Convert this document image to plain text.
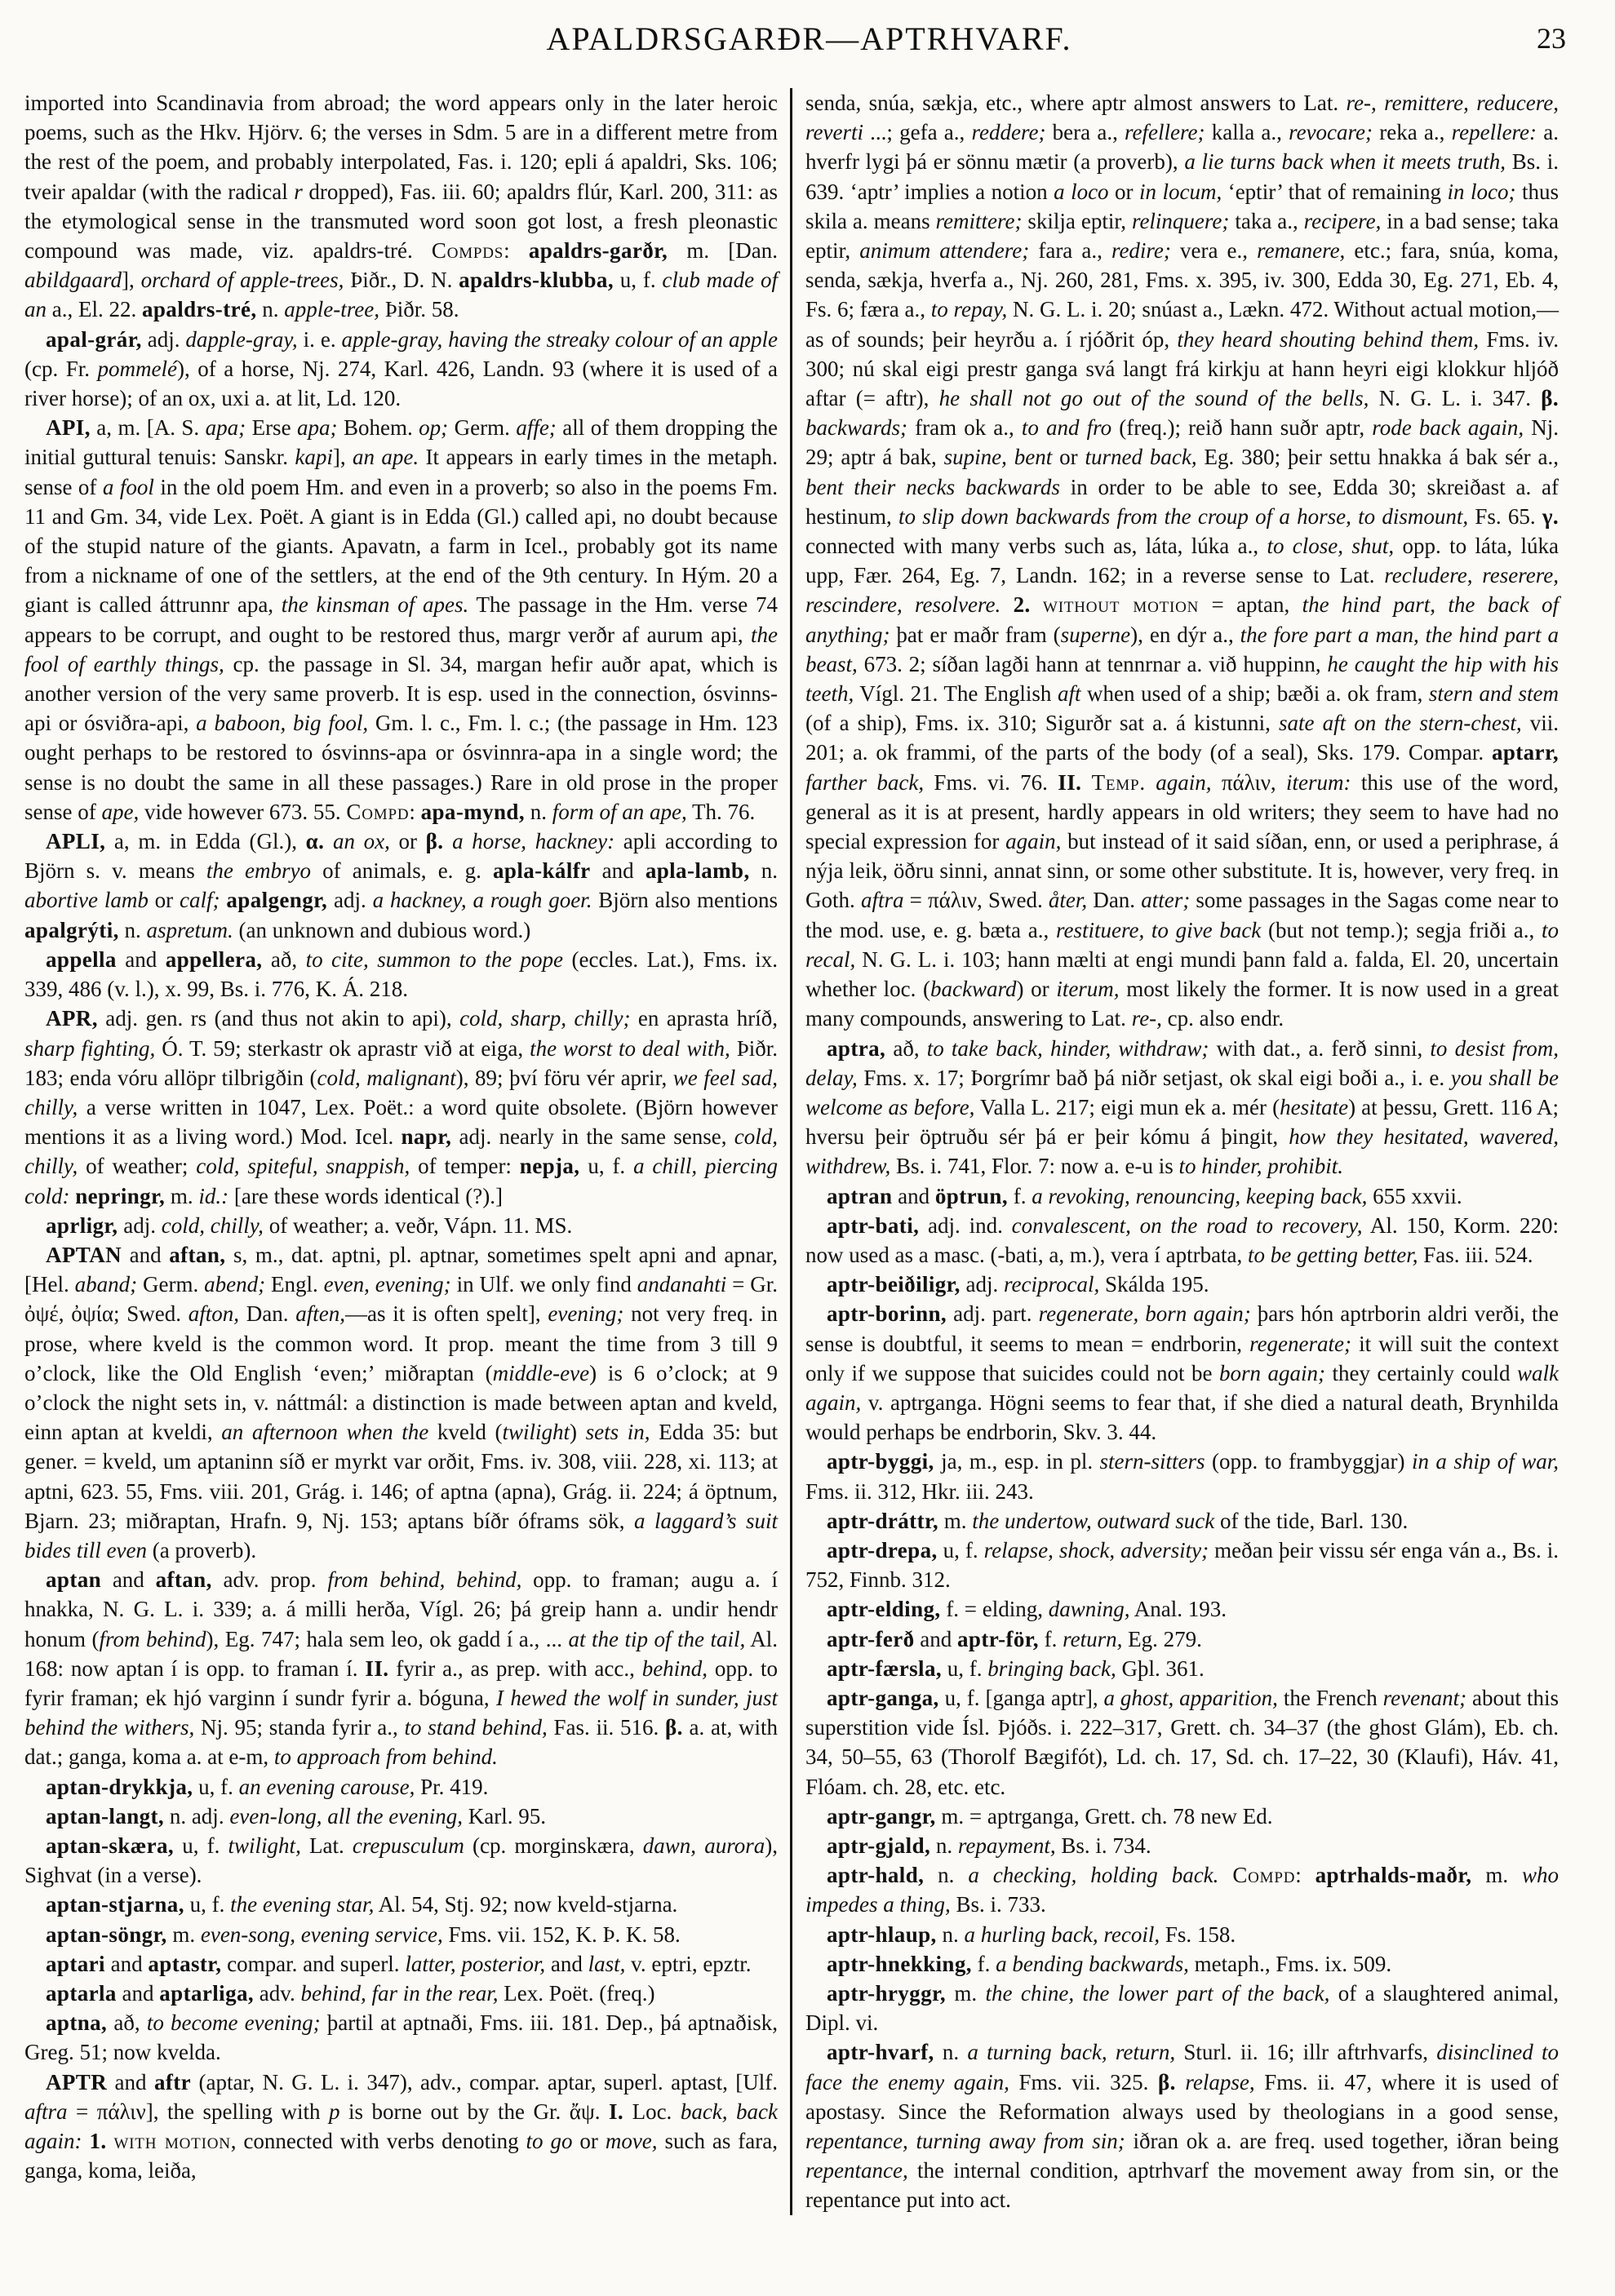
APALDRSGARÐR—APTRHVARF.	23

imported into Scandinavia from abroad; the word appears only in the later heroic poems, such as the Hkv. Hjörv. 6; the verses in Sdm. 5 are in a different metre from the rest of the poem, and probably interpolated, Fas. i. 120; epli á apaldri, Sks. 106; tveir apaldar (with the radical r dropped), Fas. iii. 60; apaldrs flúr, Karl. 200, 311: as the etymological sense in the transmuted word soon got lost, a fresh pleonastic compound was made, viz. apaldrs-tré. Compds: apaldrs-garðr, m. [Dan. abildgaard], orchard of apple-trees, Þiðr., D. N. apaldrs-klubba, u, f. club made of an a., El. 22. apaldrs-tré, n. apple-tree, Þiðr. 58.

apal-grár, adj. dapple-gray, i. e. apple-gray, having the streaky colour of an apple (cp. Fr. pommelé), of a horse, Nj. 274, Karl. 426, Landn. 93 (where it is used of a river horse); of an ox, uxi a. at lit, Ld. 120.

API, a, m. [A. S. apa; Erse apa; Bohem. op; Germ. affe; all of them dropping the initial guttural tenuis: Sanskr. kapi], an ape. It appears in early times in the metaph. sense of a fool in the old poem Hm. and even in a proverb; so also in the poems Fm. 11 and Gm. 34, vide Lex. Poët. A giant is in Edda (Gl.) called api, no doubt because of the stupid nature of the giants. Apavatn, a farm in Icel., probably got its name from a nickname of one of the settlers, at the end of the 9th century. In Hým. 20 a giant is called áttrunnr apa, the kinsman of apes. The passage in the Hm. verse 74 appears to be corrupt, and ought to be restored thus, margr verðr af aurum api, the fool of earthly things, cp. the passage in Sl. 34, margan hefir auðr apat, which is another version of the very same proverb. It is esp. used in the connection, ósvinns-api or ósviðra-api, a baboon, big fool, Gm. l. c., Fm. l. c.; (the passage in Hm. 123 ought perhaps to be restored to ósvinns-apa or ósvinnra-apa in a single word; the sense is no doubt the same in all these passages.) Rare in old prose in the proper sense of ape, vide however 673. 55. Compd: apa-mynd, n. form of an ape, Th. 76.

APLI, a, m. in Edda (Gl.), α. an ox, or β. a horse, hackney: apli according to Björn s. v. means the embryo of animals, e. g. apla-kálfr and apla-lamb, n. abortive lamb or calf; apalgengr, adj. a hackney, a rough goer. Björn also mentions apalgrýti, n. aspretum. (an unknown and dubious word.)

appella and appellera, að, to cite, summon to the pope (eccles. Lat.), Fms. ix. 339, 486 (v. l.), x. 99, Bs. i. 776, K. Á. 218.

APR, adj. gen. rs (and thus not akin to api), cold, sharp, chilly; en aprasta hríð, sharp fighting, Ó. T. 59; sterkastr ok aprastr við at eiga, the worst to deal with, Þiðr. 183; enda vóru allöpr tilbrigðin (cold, malignant), 89; því föru vér aprir, we feel sad, chilly, a verse written in 1047, Lex. Poët.: a word quite obsolete. (Björn however mentions it as a living word.) Mod. Icel. napr, adj. nearly in the same sense, cold, chilly, of weather; cold, spiteful, snappish, of temper: nepja, u, f. a chill, piercing cold: nepringr, m. id.: [are these words identical (?).]

aprligr, adj. cold, chilly, of weather; a. veðr, Vápn. 11. MS.

APTAN and aftan, s, m., dat. aptni, pl. aptnar, sometimes spelt apni and apnar, [Hel. aband; Germ. abend; Engl. even, evening; in Ulf. we only find andanahti = Gr. ὀψέ, ὀψία; Swed. afton, Dan. aften,—as it is often spelt], evening; not very freq. in prose, where kveld is the common word. It prop. meant the time from 3 till 9 o’clock, like the Old English ‘even;’ miðraptan (middle-eve) is 6 o’clock; at 9 o’clock the night sets in, v. náttmál: a distinction is made between aptan and kveld, einn aptan at kveldi, an afternoon when the kveld (twilight) sets in, Edda 35: but gener. = kveld, um aptaninn síð er myrkt var orðit, Fms. iv. 308, viii. 228, xi. 113; at aptni, 623. 55, Fms. viii. 201, Grág. i. 146; of aptna (apna), Grág. ii. 224; á öptnum, Bjarn. 23; miðraptan, Hrafn. 9, Nj. 153; aptans bíðr óframs sök, a laggard’s suit bides till even (a proverb).

aptan and aftan, adv. prop. from behind, behind, opp. to framan; augu a. í hnakka, N. G. L. i. 339; a. á milli herða, Vígl. 26; þá greip hann a. undir hendr honum (from behind), Eg. 747; hala sem leo, ok gadd í a., ... at the tip of the tail, Al. 168: now aptan í is opp. to framan í. II. fyrir a., as prep. with acc., behind, opp. to fyrir framan; ek hjó varginn í sundr fyrir a. bóguna, I hewed the wolf in sunder, just behind the withers, Nj. 95; standa fyrir a., to stand behind, Fas. ii. 516. β. a. at, with dat.; ganga, koma a. at e-m, to approach from behind.

aptan-drykkja, u, f. an evening carouse, Pr. 419.

aptan-langt, n. adj. even-long, all the evening, Karl. 95.

aptan-skæra, u, f. twilight, Lat. crepusculum (cp. morginskæra, dawn, aurora), Sighvat (in a verse).

aptan-stjarna, u, f. the evening star, Al. 54, Stj. 92; now kveld-stjarna.

aptan-söngr, m. even-song, evening service, Fms. vii. 152, K. Þ. K. 58.

aptari and aptastr, compar. and superl. latter, posterior, and last, v. eptri, epztr.

aptarla and aptarliga, adv. behind, far in the rear, Lex. Poët. (freq.)

aptna, að, to become evening; þartil at aptnaði, Fms. iii. 181. Dep., þá aptnaðisk, Greg. 51; now kvelda.

APTR and aftr (aptar, N. G. L. i. 347), adv., compar. aptar, superl. aptast, [Ulf. aftra = πάλιν], the spelling with p is borne out by the Gr. ἄψ. I. Loc. back, back again: 1. with motion, connected with verbs denoting to go or move, such as fara, ganga, koma, leiða,

senda, snúa, sækja, etc., where aptr almost answers to Lat. re-, remittere, reducere, reverti ...; gefa a., reddere; bera a., refellere; kalla a., revocare; reka a., repellere: a. hverfr lygi þá er sönnu mætir (a proverb), a lie turns back when it meets truth, Bs. i. 639. ‘aptr’ implies a notion a loco or in locum, ‘eptir’ that of remaining in loco; thus skila a. means remittere; skilja eptir, relinquere; taka a., recipere, in a bad sense; taka eptir, animum attendere; fara a., redire; vera e., remanere, etc.; fara, snúa, koma, senda, sækja, hverfa a., Nj. 260, 281, Fms. x. 395, iv. 300, Edda 30, Eg. 271, Eb. 4, Fs. 6; færa a., to repay, N. G. L. i. 20; snúast a., Lækn. 472. Without actual motion,—as of sounds; þeir heyrðu a. í rjóðrit óp, they heard shouting behind them, Fms. iv. 300; nú skal eigi prestr ganga svá langt frá kirkju at hann heyri eigi klokkur hljóð aftar (= aftr), he shall not go out of the sound of the bells, N. G. L. i. 347. β. backwards; fram ok a., to and fro (freq.); reið hann suðr aptr, rode back again, Nj. 29; aptr á bak, supine, bent or turned back, Eg. 380; þeir settu hnakka á bak sér a., bent their necks backwards in order to be able to see, Edda 30; skreiðast a. af hestinum, to slip down backwards from the croup of a horse, to dismount, Fs. 65. γ. connected with many verbs such as, láta, lúka a., to close, shut, opp. to láta, lúka upp, Fær. 264, Eg. 7, Landn. 162; in a reverse sense to Lat. recludere, reserere, rescindere, resolvere. 2. without motion = aptan, the hind part, the back of anything; þat er maðr fram (superne), en dýr a., the fore part a man, the hind part a beast, 673. 2; síðan lagði hann at tennrnar a. við huppinn, he caught the hip with his teeth, Vígl. 21. The English aft when used of a ship; bæði a. ok fram, stern and stem (of a ship), Fms. ix. 310; Sigurðr sat a. á kistunni, sate aft on the stern-chest, vii. 201; a. ok frammi, of the parts of the body (of a seal), Sks. 179. Compar. aptarr, farther back, Fms. vi. 76. II. Temp. again, πάλιν, iterum: this use of the word, general as it is at present, hardly appears in old writers; they seem to have had no special expression for again, but instead of it said síðan, enn, or used a periphrase, á nýja leik, öðru sinni, annat sinn, or some other substitute. It is, however, very freq. in Goth. aftra = πάλιν, Swed. åter, Dan. atter; some passages in the Sagas come near to the mod. use, e. g. bæta a., restituere, to give back (but not temp.); segja friði a., to recal, N. G. L. i. 103; hann mælti at engi mundi þann fald a. falda, El. 20, uncertain whether loc. (backward) or iterum, most likely the former. It is now used in a great many compounds, answering to Lat. re-, cp. also endr.

aptra, að, to take back, hinder, withdraw; with dat., a. ferð sinni, to desist from, delay, Fms. x. 17; Þorgrímr bað þá niðr setjast, ok skal eigi boði a., i. e. you shall be welcome as before, Valla L. 217; eigi mun ek a. mér (hesitate) at þessu, Grett. 116 A; hversu þeir öptruðu sér þá er þeir kómu á þingit, how they hesitated, wavered, withdrew, Bs. i. 741, Flor. 7: now a. e-u is to hinder, prohibit.

aptran and öptrun, f. a revoking, renouncing, keeping back, 655 xxvii.

aptr-bati, adj. ind. convalescent, on the road to recovery, Al. 150, Korm. 220: now used as a masc. (-bati, a, m.), vera í aptrbata, to be getting better, Fas. iii. 524.

aptr-beiðiligr, adj. reciprocal, Skálda 195.

aptr-borinn, adj. part. regenerate, born again; þars hón aptrborin aldri verði, the sense is doubtful, it seems to mean = endrborin, regenerate; it will suit the context only if we suppose that suicides could not be born again; they certainly could walk again, v. aptrganga. Högni seems to fear that, if she died a natural death, Brynhilda would perhaps be endrborin, Skv. 3. 44.

aptr-byggi, ja, m., esp. in pl. stern-sitters (opp. to frambyggjar) in a ship of war, Fms. ii. 312, Hkr. iii. 243.

aptr-dráttr, m. the undertow, outward suck of the tide, Barl. 130.

aptr-drepa, u, f. relapse, shock, adversity; meðan þeir vissu sér enga ván a., Bs. i. 752, Finnb. 312.

aptr-elding, f. = elding, dawning, Anal. 193.

aptr-ferð and aptr-för, f. return, Eg. 279.

aptr-færsla, u, f. bringing back, Gþl. 361.

aptr-ganga, u, f. [ganga aptr], a ghost, apparition, the French revenant; about this superstition vide Ísl. Þjóðs. i. 222–317, Grett. ch. 34–37 (the ghost Glám), Eb. ch. 34, 50–55, 63 (Thorolf Bægifót), Ld. ch. 17, Sd. ch. 17–22, 30 (Klaufi), Háv. 41, Flóam. ch. 28, etc. etc.

aptr-gangr, m. = aptrganga, Grett. ch. 78 new Ed.

aptr-gjald, n. repayment, Bs. i. 734.

aptr-hald, n. a checking, holding back. Compd: aptrhalds-maðr, m. who impedes a thing, Bs. i. 733.

aptr-hlaup, n. a hurling back, recoil, Fs. 158.

aptr-hnekking, f. a bending backwards, metaph., Fms. ix. 509.

aptr-hryggr, m. the chine, the lower part of the back, of a slaughtered animal, Dipl. vi.

aptr-hvarf, n. a turning back, return, Sturl. ii. 16; illr aftrhvarfs, disinclined to face the enemy again, Fms. vii. 325. β. relapse, Fms. ii. 47, where it is used of apostasy. Since the Reformation always used by theologians in a good sense, repentance, turning away from sin; iðran ok a. are freq. used together, iðran being repentance, the internal condition, aptrhvarf the movement away from sin, or the repentance put into act.
